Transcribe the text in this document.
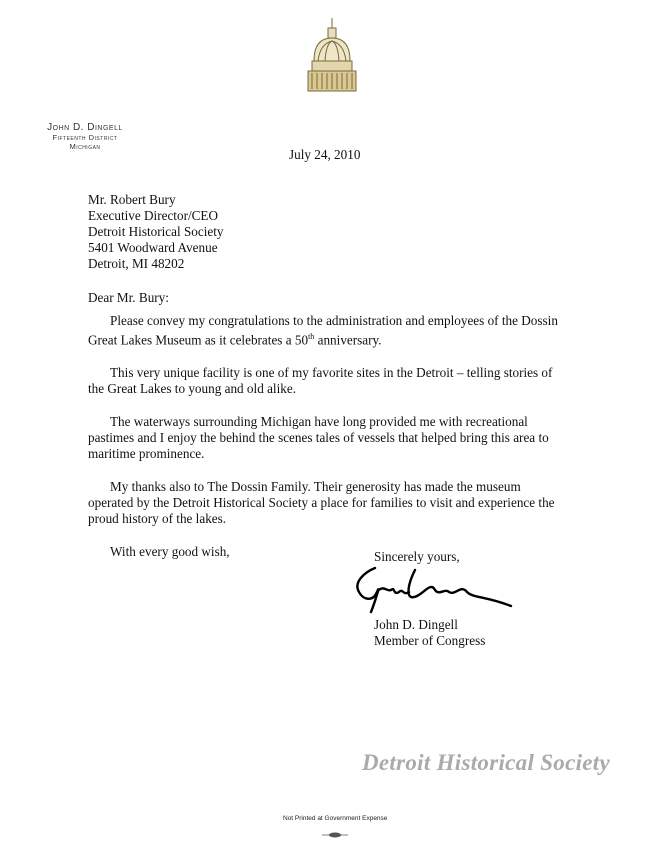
John D. Dingell
Fifteenth District
Michigan
July 24, 2010
Mr. Robert Bury
Executive Director/CEO
Detroit Historical Society
5401 Woodward Avenue
Detroit, MI 48202
Dear Mr. Bury:

Please convey my congratulations to the administration and employees of the Dossin Great Lakes Museum as it celebrates a 50th anniversary.

This very unique facility is one of my favorite sites in the Detroit – telling stories of the Great Lakes to young and old alike.

The waterways surrounding Michigan have long provided me with recreational pastimes and I enjoy the behind the scenes tales of vessels that helped bring this area to maritime prominence.

My thanks also to The Dossin Family. Their generosity has made the museum operated by the Detroit Historical Society a place for families to visit and experience the proud history of the lakes.

With every good wish,	Sincerely yours,
John D. Dingell
Member of Congress
Detroit Historical Society
Not Printed at Government Expense
